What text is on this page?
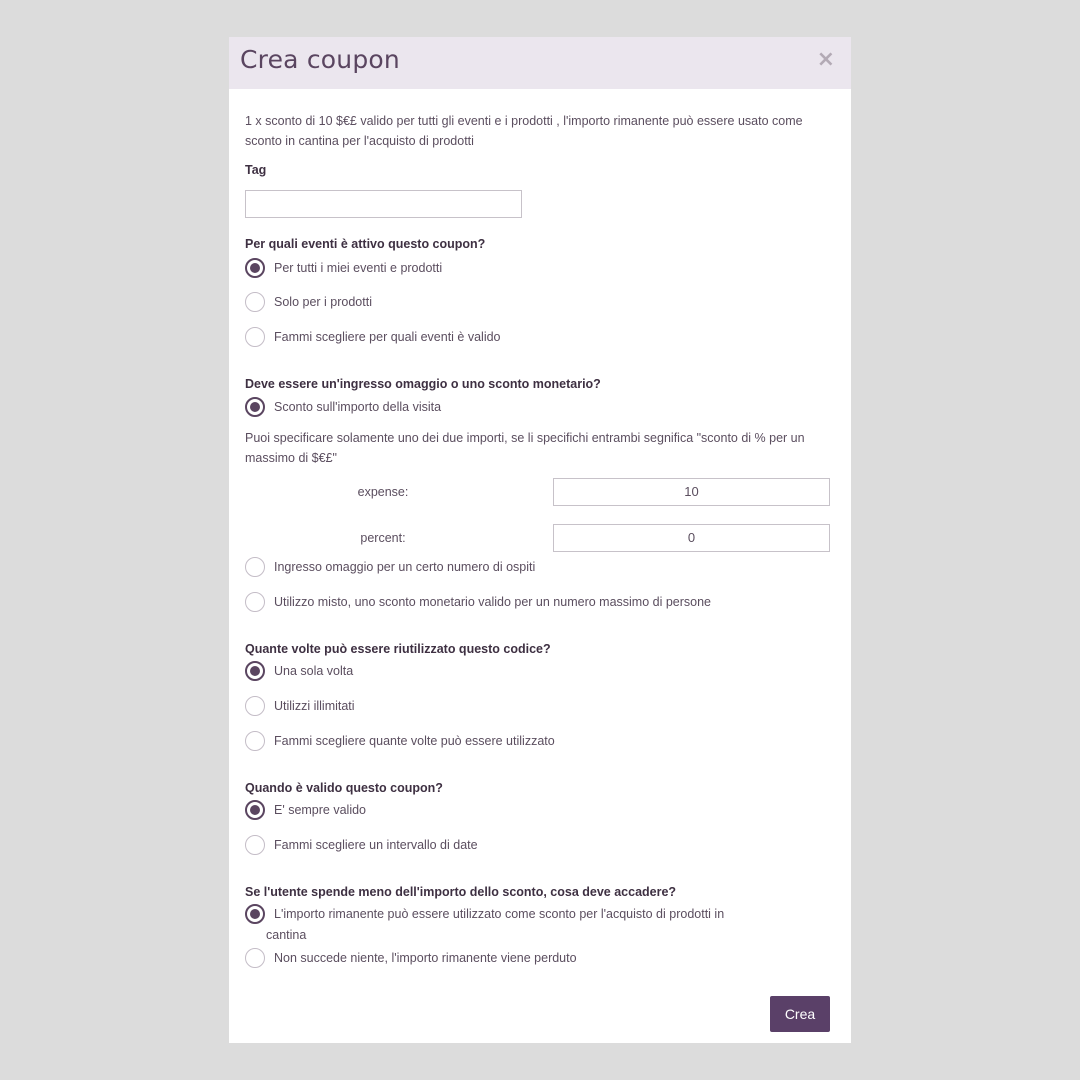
Crea coupon	×
1 x sconto di 10 $€£ valido per tutti gli eventi e i prodotti , l'importo rimanente può essere usato come sconto in cantina per l'acquisto di prodotti
Tag
Per quali eventi è attivo questo coupon?
Per tutti i miei eventi e prodotti
Solo per i prodotti
Fammi scegliere per quali eventi è valido
Deve essere un'ingresso omaggio o uno sconto monetario?
Sconto sull'importo della visita
Puoi specificare solamente uno dei due importi, se li specifichi entrambi segnifica "sconto di % per un massimo di $€£"
expense:	10
percent:	0
Ingresso omaggio per un certo numero di ospiti
Utilizzo misto, uno sconto monetario valido per un numero massimo di persone
Quante volte può essere riutilizzato questo codice?
Una sola volta
Utilizzi illimitati
Fammi scegliere quante volte può essere utilizzato
Quando è valido questo coupon?
E' sempre valido
Fammi scegliere un intervallo di date
Se l'utente spende meno dell'importo dello sconto, cosa deve accadere?
L'importo rimanente può essere utilizzato come sconto per l'acquisto di prodotti in
cantina
Non succede niente, l'importo rimanente viene perduto
Crea
